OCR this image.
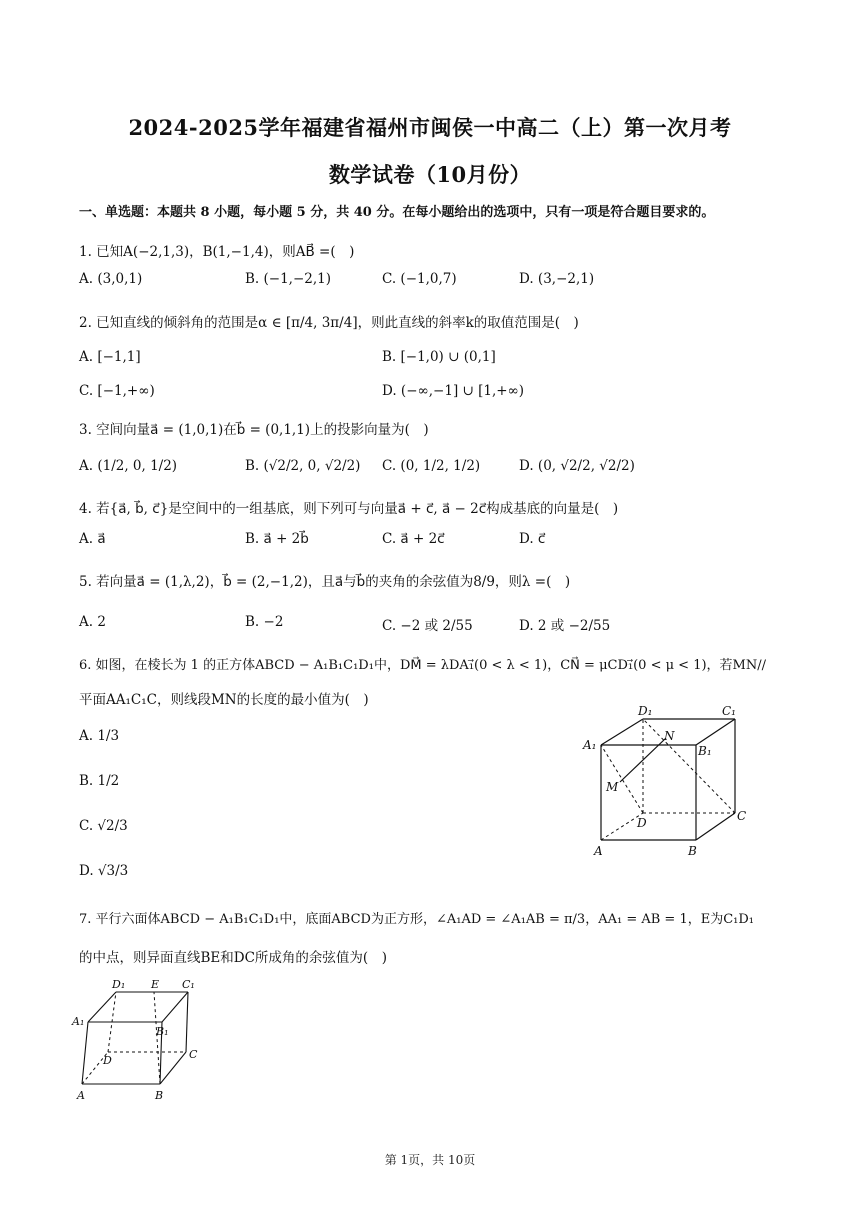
2024-2025学年福建省福州市闽侯一中高二（上）第一次月考
数学试卷（10月份）
一、单选题：本题共 8 小题，每小题 5 分，共 40 分。在每小题给出的选项中，只有一项是符合题目要求的。
1. 已知A(−2,1,3)，B(1,−1,4)，则AB⃗ =(　)
A. (3,0,1)	B. (−1,−2,1)	C. (−1,0,7)	D. (3,−2,1)
2. 已知直线的倾斜角的范围是α ∈ [π/4, 3π/4]，则此直线的斜率k的取值范围是(　)
A. [−1,1]	B. [−1,0) ∪ (0,1]
C. [−1,+∞)	D. (−∞,−1] ∪ [1,+∞)
3. 空间向量a⃗ = (1,0,1)在b⃗ = (0,1,1)上的投影向量为(　)
A. (1/2, 0, 1/2)	B. (√2/2, 0, √2/2) C. (0, 1/2, 1/2)	D. (0, √2/2, √2/2)
4. 若{a⃗, b⃗, c⃗}是空间中的一组基底，则下列可与向量a⃗ + c⃗, a⃗ − 2c⃗构成基底的向量是(　)
A. a⃗	B. a⃗ + 2b⃗	C. a⃗ + 2c⃗	D. c⃗
5. 若向量a⃗ = (1,λ,2)，b⃗ = (2,−1,2)，且a⃗与b⃗的夹角的余弦值为8/9，则λ =(　)
A. 2	B. −2	C. −2 或 2/55	D. 2 或 −2/55
6. 如图，在棱长为 1 的正方体ABCD − A₁B₁C₁D₁中，DM⃗ = λDA₁⃗(0 < λ < 1)，CN⃗ = μCD₁⃗(0 < μ < 1)，若MN//
平面AA₁C₁C，则线段MN的长度的最小值为(　)
A. 1/3
B. 1/2
C. √2/3
D. √3/3
D₁	C₁
A₁
N
B₁
M
D	C
A	B
7. 平行六面体ABCD − A₁B₁C₁D₁中，底面ABCD为正方形，∠A₁AD = ∠A₁AB = π/3，AA₁ = AB = 1，E为C₁D₁
的中点，则异面直线BE和DC所成角的余弦值为(　)
D₁ E C₁
A₁
B₁
D	C
A	B
第 1页，共 10页
